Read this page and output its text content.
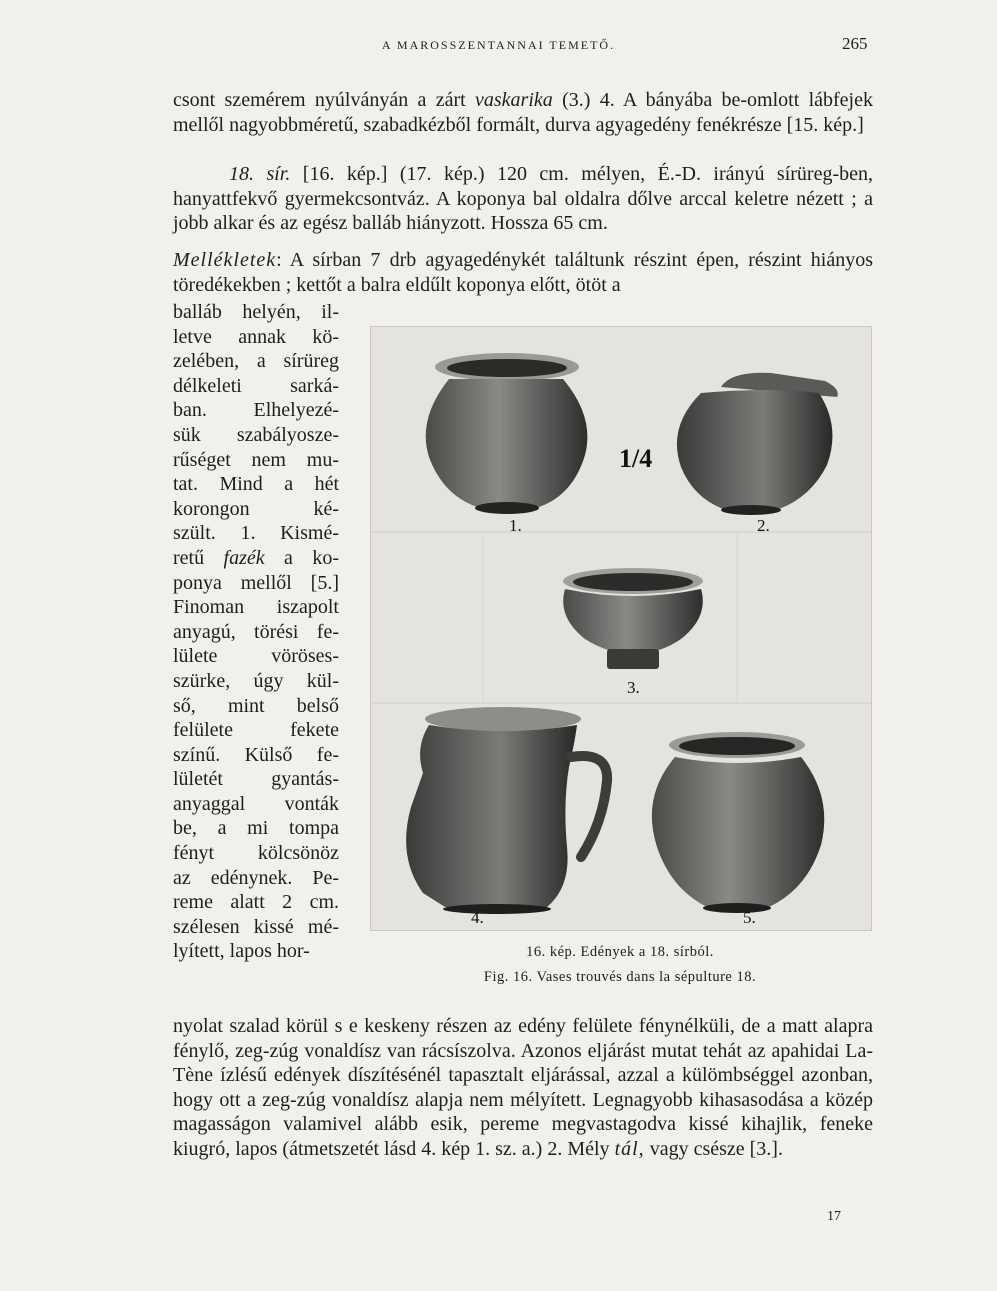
A MAROSSZENTANNAI TEMETŐ.	265
csont szemérem nyúlványán a zárt vaskarika (3.) 4. A bányába be-omlott lábfejek mellől nagyobbméretű, szabadkézből formált, durva agyagedény fenékrésze [15. kép.]
18. sír. [16. kép.] (17. kép.) 120 cm. mélyen, É.-D. irányú sírüreg-ben, hanyattfekvő gyermekcsontváz. A koponya bal oldalra dőlve arccal keletre nézett ; a jobb alkar és az egész balláb hiányzott. Hossza 65 cm.
Mellékletek: A sírban 7 drb agyagedénykét találtunk részint épen, részint hiányos töredékekben ; kettőt a balra eldűlt koponya előtt, ötöt a
balláb helyén, il-
letve annak kö-
zelében, a sírüreg
délkeleti sarká-
ban. Elhelyezé-
sük szabályosze-
rűséget nem mu-
tat. Mind a hét
korongon ké-
szült. 1. Kismé-
retű fazék a ko-
ponya mellől [5.]
Finoman iszapolt
anyagú, törési fe-
lülete vöröses-
szürke, úgy kül-
ső, mint belső
felülete fekete
színű. Külső fe-
lületét gyantás-
anyaggal vonták
be, a mi tompa
fényt kölcsönöz
az edénynek. Pe-
reme alatt 2 cm.
szélesen kissé mé-
lyített, lapos hor-
1/4
1.	2.
3.
4.	5.
16. kép. Edények a 18. sírból.
Fig. 16. Vases trouvés dans la sépulture 18.
nyolat szalad körül s e keskeny részen az edény felülete fénynélküli, de a matt alapra fénylő, zeg-zúg vonaldísz van rácsíszolva. Azonos eljárást mutat tehát az apahidai La-Tène ízlésű edények díszítésénél tapasztalt eljárással, azzal a külömbséggel azonban, hogy ott a zeg-zúg vonaldísz alapja nem mélyített. Legnagyobb kihasasodása a közép magasságon valamivel alább esik, pereme megvastagodva kissé kihajlik, feneke kiugró, lapos (átmetszetét lásd 4. kép 1. sz. a.) 2. Mély tál, vagy csésze [3.].
17
